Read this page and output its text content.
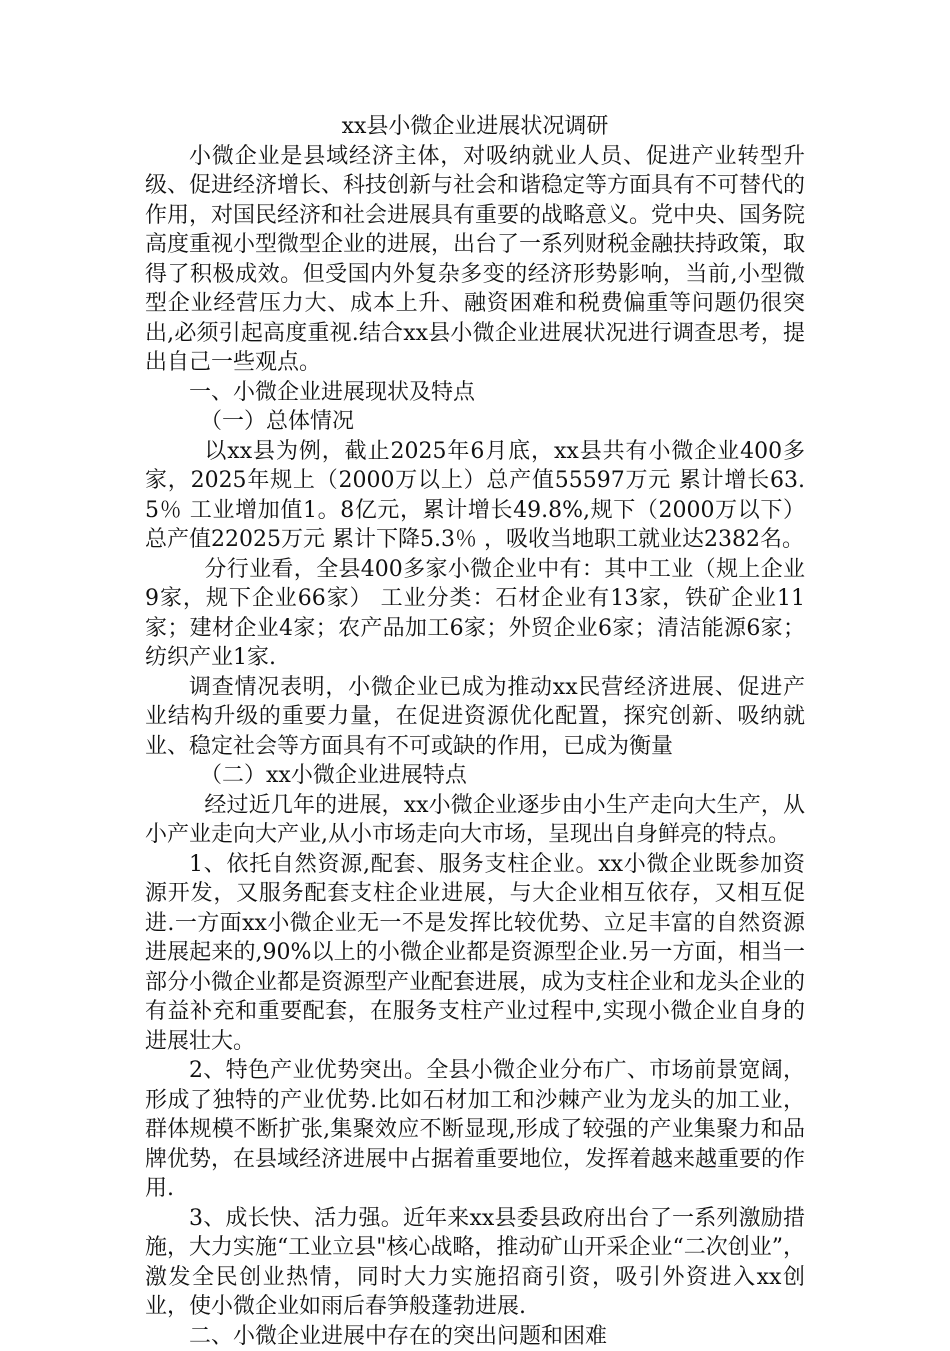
xx县小微企业进展状况调研

小微企业是县域经济主体，对吸纳就业人员、促进产业转型升级、促进经济增长、科技创新与社会和谐稳定等方面具有不可替代的作用，对国民经济和社会进展具有重要的战略意义。党中央、国务院高度重视小型微型企业的进展，出台了一系列财税金融扶持政策，取得了积极成效。但受国内外复杂多变的经济形势影响，当前,小型微型企业经营压力大、成本上升、融资困难和税费偏重等问题仍很突出,必须引起高度重视.结合xx县小微企业进展状况进行调查思考，提出自己一些观点。

一、小微企业进展现状及特点

（一）总体情况

以xx县为例，截止2025年6月底，xx县共有小微企业400多家，2025年规上（2000万以上）总产值55597万元 累计增长63.5％ 工业增加值1。8亿元，累计增长49.8%,规下（2000万以下）总产值22025万元 累计下降5.3％ ，吸收当地职工就业达2382名。

分行业看，全县400多家小微企业中有：其中工业（规上企业9家，规下企业66家） 工业分类：石材企业有13家，铁矿企业11家；建材企业4家；农产品加工6家；外贸企业6家；清洁能源6家；纺织产业1家.

调查情况表明，小微企业已成为推动xx民营经济进展、促进产业结构升级的重要力量，在促进资源优化配置，探究创新、吸纳就业、稳定社会等方面具有不可或缺的作用，已成为衡量

（二）xx小微企业进展特点

经过近几年的进展，xx小微企业逐步由小生产走向大生产，从小产业走向大产业,从小市场走向大市场，呈现出自身鲜亮的特点。

1、依托自然资源,配套、服务支柱企业。xx小微企业既参加资源开发，又服务配套支柱企业进展，与大企业相互依存，又相互促进.一方面xx小微企业无一不是发挥比较优势、立足丰富的自然资源进展起来的,90%以上的小微企业都是资源型企业.另一方面，相当一部分小微企业都是资源型产业配套进展，成为支柱企业和龙头企业的有益补充和重要配套，在服务支柱产业过程中,实现小微企业自身的进展壮大。

2、特色产业优势突出。全县小微企业分布广、市场前景宽阔，形成了独特的产业优势.比如石材加工和沙棘产业为龙头的加工业，群体规模不断扩张,集聚效应不断显现,形成了较强的产业集聚力和品牌优势，在县域经济进展中占据着重要地位，发挥着越来越重要的作用.

3、成长快、活力强。近年来xx县委县政府出台了一系列激励措施，大力实施“工业立县"核心战略，推动矿山开采企业“二次创业”，激发全民创业热情，同时大力实施招商引资，吸引外资进入xx创业，使小微企业如雨后春笋般蓬勃进展.

二、小微企业进展中存在的突出问题和困难
